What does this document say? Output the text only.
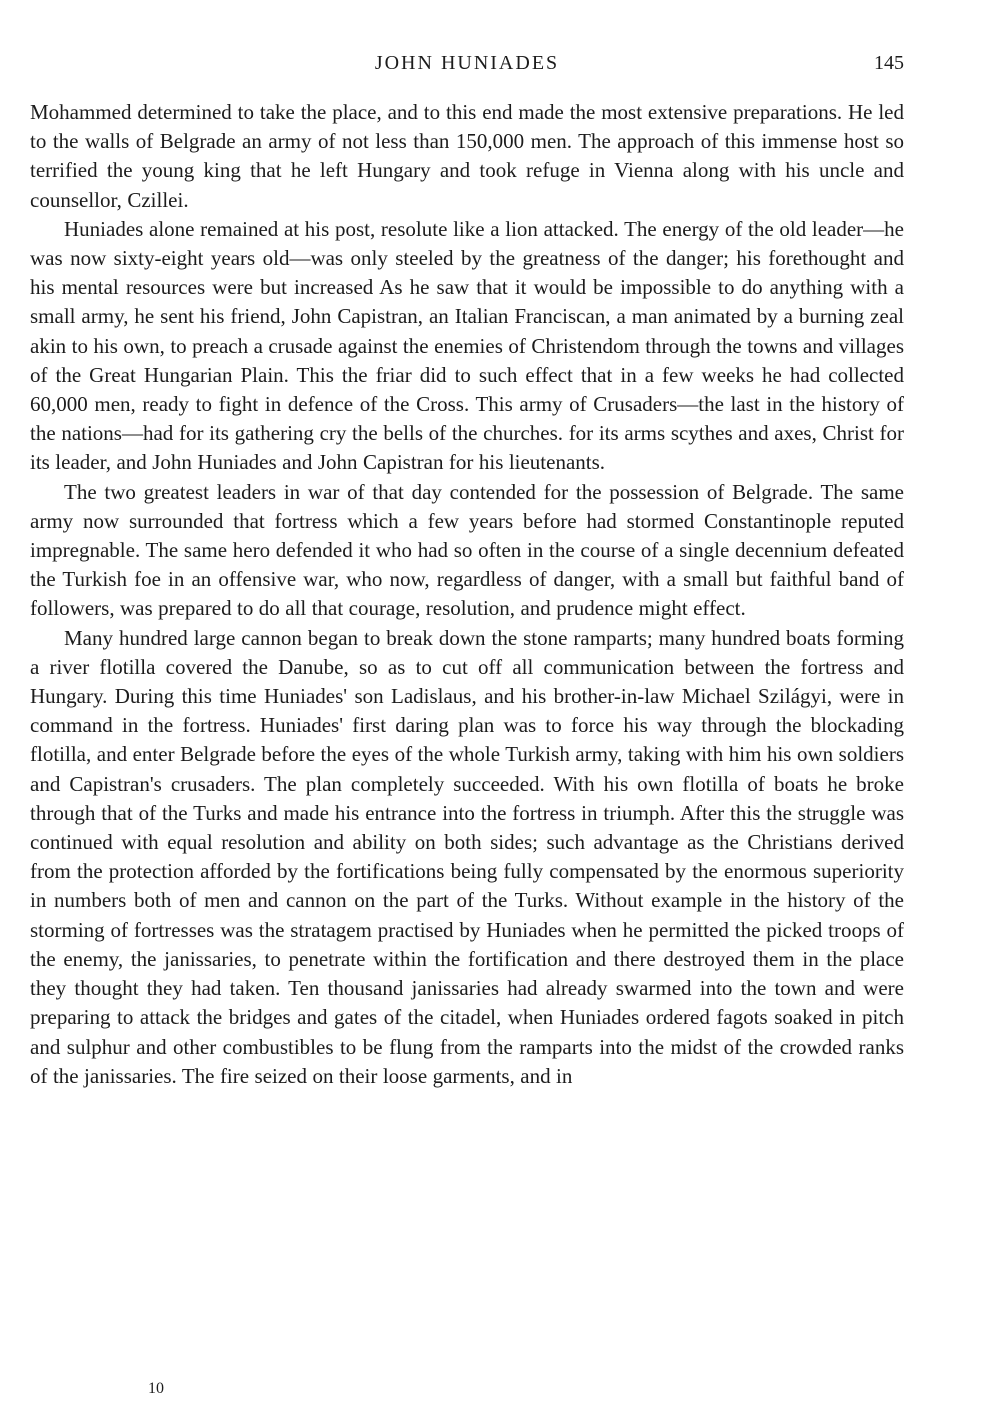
JOHN HUNIADES	145

Mohammed determined to take the place, and to this end made the most extensive preparations. He led to the walls of Belgrade an army of not less than 150,000 men. The approach of this immense host so terrified the young king that he left Hungary and took refuge in Vienna along with his uncle and counsellor, Czillei.

Huniades alone remained at his post, resolute like a lion attacked. The energy of the old leader—he was now sixty-eight years old—was only steeled by the greatness of the danger; his forethought and his mental resources were but increased As he saw that it would be impossible to do anything with a small army, he sent his friend, John Capistran, an Italian Franciscan, a man animated by a burning zeal akin to his own, to preach a crusade against the enemies of Christendom through the towns and villages of the Great Hungarian Plain. This the friar did to such effect that in a few weeks he had collected 60,000 men, ready to fight in defence of the Cross. This army of Crusaders—the last in the history of the nations—had for its gathering cry the bells of the churches. for its arms scythes and axes, Christ for its leader, and John Huniades and John Capistran for his lieutenants.

The two greatest leaders in war of that day contended for the possession of Belgrade. The same army now surrounded that fortress which a few years before had stormed Constantinople reputed impregnable. The same hero defended it who had so often in the course of a single decennium defeated the Turkish foe in an offensive war, who now, regardless of danger, with a small but faithful band of followers, was prepared to do all that courage, resolution, and prudence might effect.

Many hundred large cannon began to break down the stone ramparts; many hundred boats forming a river flotilla covered the Danube, so as to cut off all communication between the fortress and Hungary. During this time Huniades' son Ladislaus, and his brother-in-law Michael Szilágyi, were in command in the fortress. Huniades' first daring plan was to force his way through the blockading flotilla, and enter Belgrade before the eyes of the whole Turkish army, taking with him his own soldiers and Capistran's crusaders. The plan completely succeeded. With his own flotilla of boats he broke through that of the Turks and made his entrance into the fortress in triumph. After this the struggle was continued with equal resolution and ability on both sides; such advantage as the Christians derived from the protection afforded by the fortifications being fully compensated by the enormous superiority in numbers both of men and cannon on the part of the Turks. Without example in the history of the storming of fortresses was the stratagem practised by Huniades when he permitted the picked troops of the enemy, the janissaries, to penetrate within the fortification and there destroyed them in the place they thought they had taken. Ten thousand janissaries had already swarmed into the town and were preparing to attack the bridges and gates of the citadel, when Huniades ordered fagots soaked in pitch and sulphur and other combustibles to be flung from the ramparts into the midst of the crowded ranks of the janissaries. The fire seized on their loose garments, and in

10
